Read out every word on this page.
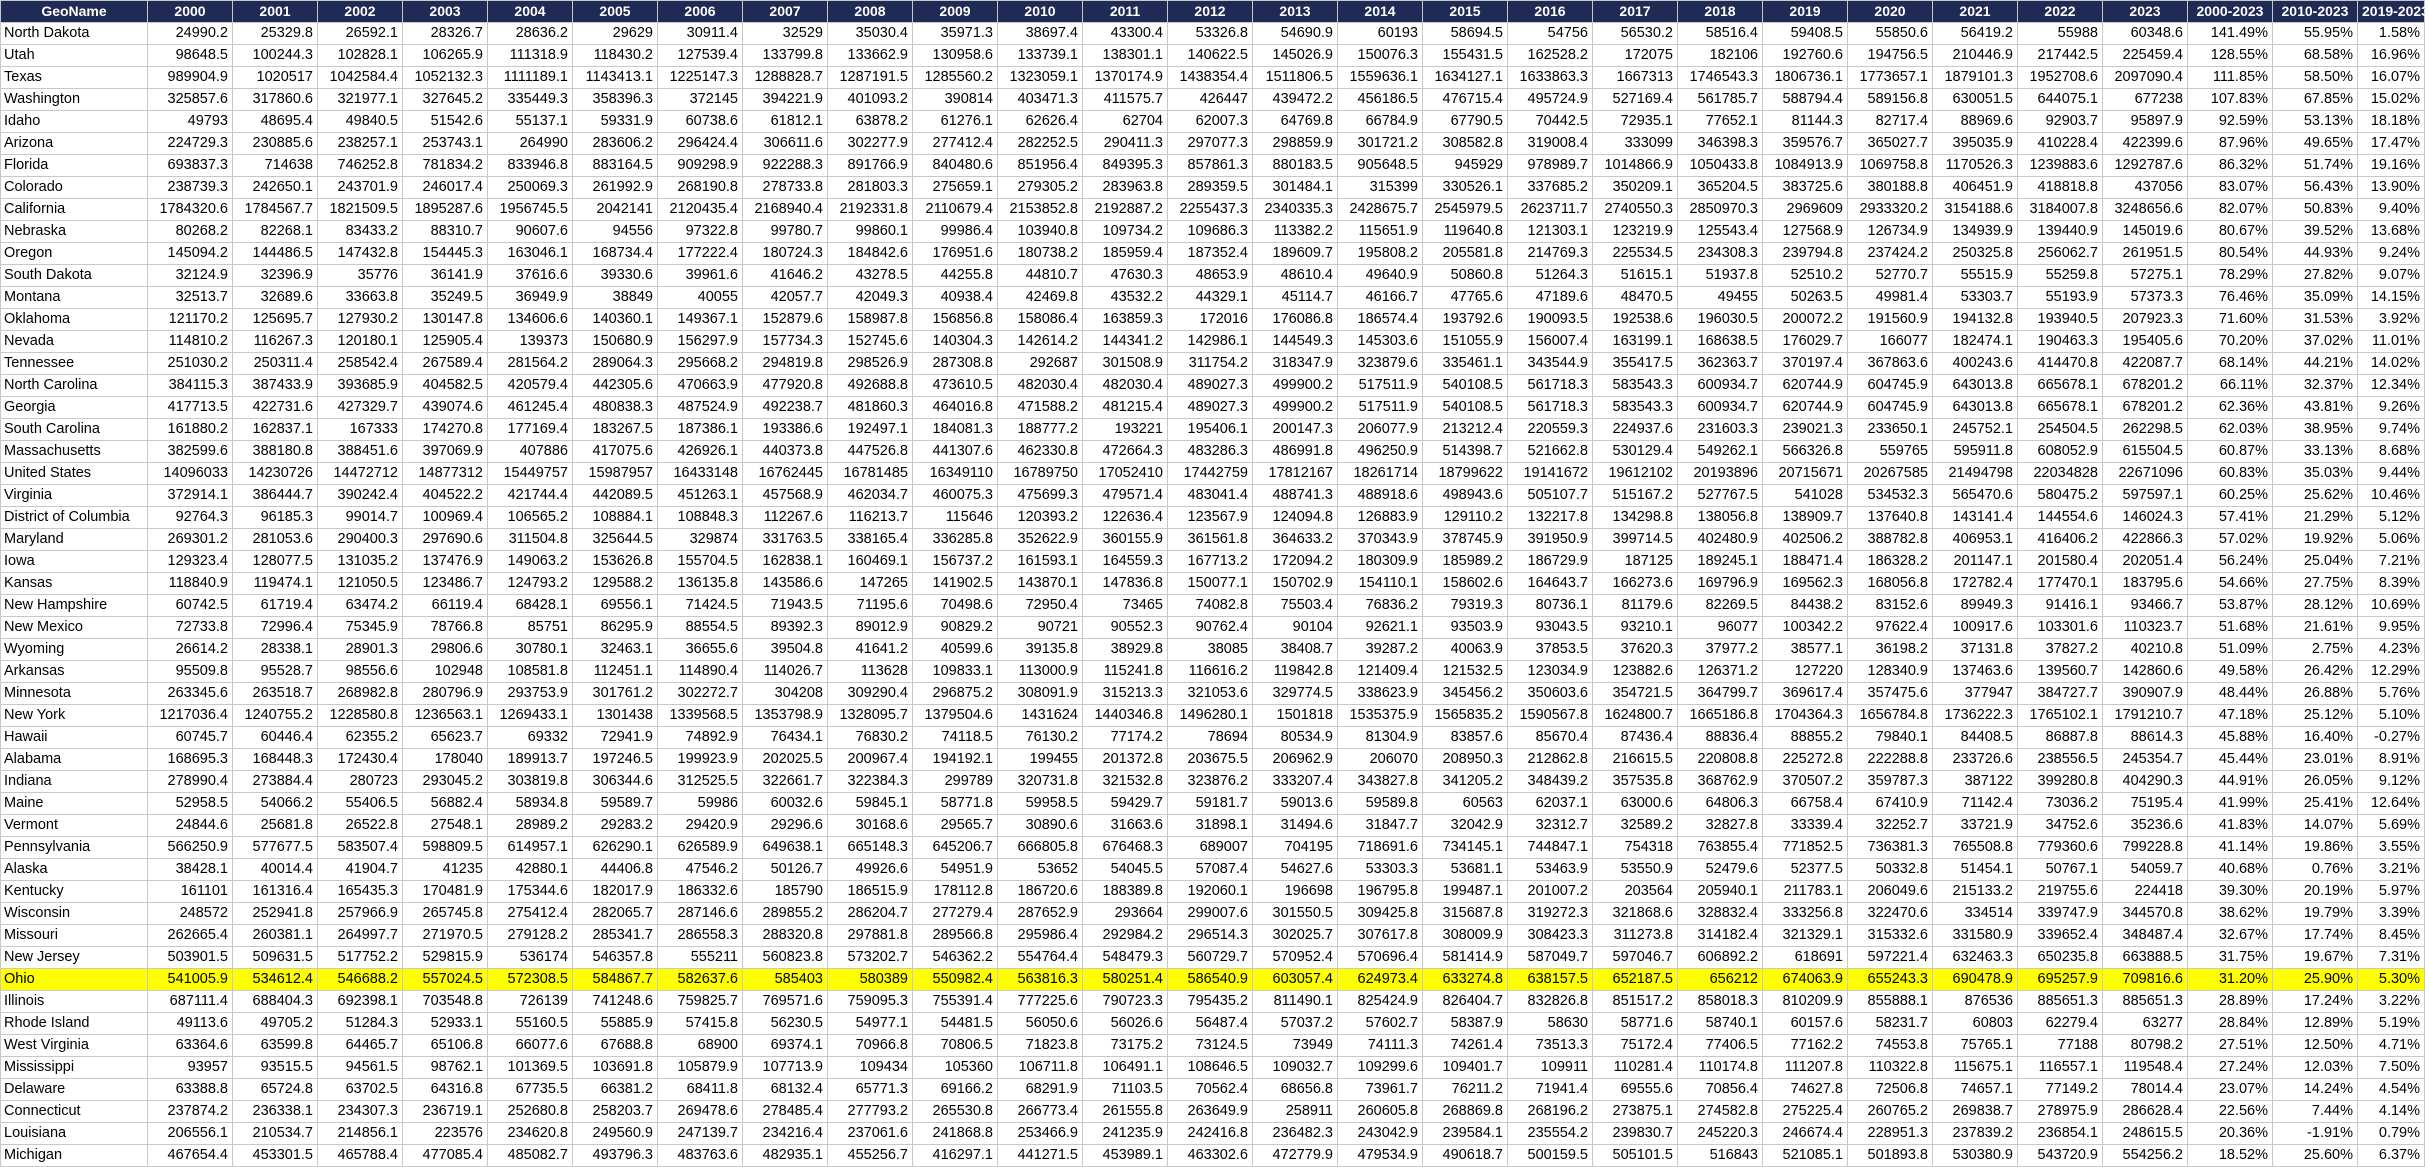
GeoName	2000	2001	2002	2003	2004	2005	2006	2007	2008	2009	2010	2011	2012	2013	2014	2015	2016	2017	2018	2019	2020	2021	2022	2023	2000-2023	2010-2023	2019-2023
North Dakota	24990.2	25329.8	26592.1	28326.7	28636.2	29629	30911.4	32529	35030.4	35971.3	38697.4	43300.4	53326.8	54690.9	60193	58694.5	54756	56530.2	58516.4	59408.5	55850.6	56419.2	55988	60348.6	141.49%	55.95%	1.58%
Utah	98648.5	100244.3	102828.1	106265.9	111318.9	118430.2	127539.4	133799.8	133662.9	130958.6	133739.1	138301.1	140622.5	145026.9	150076.3	155431.5	162528.2	172075	182106	192760.6	194756.5	210446.9	217442.5	225459.4	128.55%	68.58%	16.96%
Texas	989904.9	1020517	1042584.4	1052132.3	1111189.1	1143413.1	1225147.3	1288828.7	1287191.5	1285560.2	1323059.1	1370174.9	1438354.4	1511806.5	1559636.1	1634127.1	1633863.3	1667313	1746543.3	1806736.1	1773657.1	1879101.3	1952708.6	2097090.4	111.85%	58.50%	16.07%
Washington	325857.6	317860.6	321977.1	327645.2	335449.3	358396.3	372145	394221.9	401093.2	390814	403471.3	411575.7	426447	439472.2	456186.5	476715.4	495724.9	527169.4	561785.7	588794.4	589156.8	630051.5	644075.1	677238	107.83%	67.85%	15.02%
Idaho	49793	48695.4	49840.5	51542.6	55137.1	59331.9	60738.6	61812.1	63878.2	61276.1	62626.4	62704	62007.3	64769.8	66784.9	67790.5	70442.5	72935.1	77652.1	81144.3	82717.4	88969.6	92903.7	95897.9	92.59%	53.13%	18.18%
Arizona	224729.3	230885.6	238257.1	253743.1	264990	283606.2	296424.4	306611.6	302277.9	277412.4	282252.5	290411.3	297077.3	298859.9	301721.2	308582.8	319008.4	333099	346398.3	359576.7	365027.7	395035.9	410228.4	422399.6	87.96%	49.65%	17.47%
Florida	693837.3	714638	746252.8	781834.2	833946.8	883164.5	909298.9	922288.3	891766.9	840480.6	851956.4	849395.3	857861.3	880183.5	905648.5	945929	978989.7	1014866.9	1050433.8	1084913.9	1069758.8	1170526.3	1239883.6	1292787.6	86.32%	51.74%	19.16%
Colorado	238739.3	242650.1	243701.9	246017.4	250069.3	261992.9	268190.8	278733.8	281803.3	275659.1	279305.2	283963.8	289359.5	301484.1	315399	330526.1	337685.2	350209.1	365204.5	383725.6	380188.8	406451.9	418818.8	437056	83.07%	56.43%	13.90%
California	1784320.6	1784567.7	1821509.5	1895287.6	1956745.5	2042141	2120435.4	2168940.4	2192331.8	2110679.4	2153852.8	2192887.2	2255437.3	2340335.3	2428675.7	2545979.5	2623711.7	2740550.3	2850970.3	2969609	2933320.2	3154188.6	3184007.8	3248656.6	82.07%	50.83%	9.40%
Nebraska	80268.2	82268.1	83433.2	88310.7	90607.6	94556	97322.8	99780.7	99860.1	99986.4	103940.8	109734.2	109686.3	113382.2	115651.9	119640.8	121303.1	123219.9	125543.4	127568.9	126734.9	134939.9	139440.9	145019.6	80.67%	39.52%	13.68%
Oregon	145094.2	144486.5	147432.8	154445.3	163046.1	168734.4	177222.4	180724.3	184842.6	176951.6	180738.2	185959.4	187352.4	189609.7	195808.2	205581.8	214769.3	225534.5	234308.3	239794.8	237424.2	250325.8	256062.7	261951.5	80.54%	44.93%	9.24%
South Dakota	32124.9	32396.9	35776	36141.9	37616.6	39330.6	39961.6	41646.2	43278.5	44255.8	44810.7	47630.3	48653.9	48610.4	49640.9	50860.8	51264.3	51615.1	51937.8	52510.2	52770.7	55515.9	55259.8	57275.1	78.29%	27.82%	9.07%
Montana	32513.7	32689.6	33663.8	35249.5	36949.9	38849	40055	42057.7	42049.3	40938.4	42469.8	43532.2	44329.1	45114.7	46166.7	47765.6	47189.6	48470.5	49455	50263.5	49981.4	53303.7	55193.9	57373.3	76.46%	35.09%	14.15%
Oklahoma	121170.2	125695.7	127930.2	130147.8	134606.6	140360.1	149367.1	152879.6	158987.8	156856.8	158086.4	163859.3	172016	176086.8	186574.4	193792.6	190093.5	192538.6	196030.5	200072.2	191560.9	194132.8	193940.5	207923.3	71.60%	31.53%	3.92%
Nevada	114810.2	116267.3	120180.1	125905.4	139373	150680.9	156297.9	157734.3	152745.6	140304.3	142614.2	144341.2	142986.1	144549.3	145303.6	151055.9	156007.4	163199.1	168638.5	176029.7	166077	182474.1	190463.3	195405.6	70.20%	37.02%	11.01%
Tennessee	251030.2	250311.4	258542.4	267589.4	281564.2	289064.3	295668.2	294819.8	298526.9	287308.8	292687	301508.9	311754.2	318347.9	323879.6	335461.1	343544.9	355417.5	362363.7	370197.4	367863.6	400243.6	414470.8	422087.7	68.14%	44.21%	14.02%
North Carolina	384115.3	387433.9	393685.9	404582.5	420579.4	442305.6	470663.9	477920.8	492688.8	473610.5	482030.4	482030.4	489027.3	499900.2	517511.9	540108.5	561718.3	583543.3	600934.7	620744.9	604745.9	643013.8	665678.1	678201.2	66.11%	32.37%	12.34%
Georgia	417713.5	422731.6	427329.7	439074.6	461245.4	480838.3	487524.9	492238.7	481860.3	464016.8	471588.2	481215.4	489027.3	499900.2	517511.9	540108.5	561718.3	583543.3	600934.7	620744.9	604745.9	643013.8	665678.1	678201.2	62.36%	43.81%	9.26%
South Carolina	161880.2	162837.1	167333	174270.8	177169.4	183267.5	187386.1	193386.6	192497.1	184081.3	188777.2	193221	195406.1	200147.3	206077.9	213212.4	220559.3	224937.6	231603.3	239021.3	233650.1	245752.1	254504.5	262298.5	62.03%	38.95%	9.74%
Massachusetts	382599.6	388180.8	388451.6	397069.9	407886	417075.6	426926.1	440373.8	447526.8	441307.6	462330.8	472664.3	483286.3	486991.8	496250.9	514398.7	521662.8	530129.4	549262.1	566326.8	559765	595911.8	608052.9	615504.5	60.87%	33.13%	8.68%
United States	14096033	14230726	14472712	14877312	15449757	15987957	16433148	16762445	16781485	16349110	16789750	17052410	17442759	17812167	18261714	18799622	19141672	19612102	20193896	20715671	20267585	21494798	22034828	22671096	60.83%	35.03%	9.44%
Virginia	372914.1	386444.7	390242.4	404522.2	421744.4	442089.5	451263.1	457568.9	462034.7	460075.3	475699.3	479571.4	483041.4	488741.3	488918.6	498943.6	505107.7	515167.2	527767.5	541028	534532.3	565470.6	580475.2	597597.1	60.25%	25.62%	10.46%
District of Columbia	92764.3	96185.3	99014.7	100969.4	106565.2	108884.1	108848.3	112267.6	116213.7	115646	120393.2	122636.4	123567.9	124094.8	126883.9	129110.2	132217.8	134298.8	138056.8	138909.7	137640.8	143141.4	144554.6	146024.3	57.41%	21.29%	5.12%
Maryland	269301.2	281053.6	290400.3	297690.6	311504.8	325644.5	329874	331763.5	338165.4	336285.8	352622.9	360155.9	361561.8	364633.2	370343.9	378745.9	391950.9	399714.5	402480.9	402506.2	388782.8	406953.1	416406.2	422866.3	57.02%	19.92%	5.06%
Iowa	129323.4	128077.5	131035.2	137476.9	149063.2	153626.8	155704.5	162838.1	160469.1	156737.2	161593.1	164559.3	167713.2	172094.2	180309.9	185989.2	186729.9	187125	189245.1	188471.4	186328.2	201147.1	201580.4	202051.4	56.24%	25.04%	7.21%
Kansas	118840.9	119474.1	121050.5	123486.7	124793.2	129588.2	136135.8	143586.6	147265	141902.5	143870.1	147836.8	150077.1	150702.9	154110.1	158602.6	164643.7	166273.6	169796.9	169562.3	168056.8	172782.4	177470.1	183795.6	54.66%	27.75%	8.39%
New Hampshire	60742.5	61719.4	63474.2	66119.4	68428.1	69556.1	71424.5	71943.5	71195.6	70498.6	72950.4	73465	74082.8	75503.4	76836.2	79319.3	80736.1	81179.6	82269.5	84438.2	83152.6	89949.3	91416.1	93466.7	53.87%	28.12%	10.69%
New Mexico	72733.8	72996.4	75345.9	78766.8	85751	86295.9	88554.5	89392.3	89012.9	90829.2	90721	90552.3	90762.4	90104	92621.1	93503.9	93043.5	93210.1	96077	100342.2	97622.4	100917.6	103301.6	110323.7	51.68%	21.61%	9.95%
Wyoming	26614.2	28338.1	28901.3	29806.6	30780.1	32463.1	36655.6	39504.8	41641.2	40599.6	39135.8	38929.8	38085	38408.7	39287.2	40063.9	37853.5	37620.3	37977.2	38577.1	36198.2	37131.8	37827.2	40210.8	51.09%	2.75%	4.23%
Arkansas	95509.8	95528.7	98556.6	102948	108581.8	112451.1	114890.4	114026.7	113628	109833.1	113000.9	115241.8	116616.2	119842.8	121409.4	121532.5	123034.9	123882.6	126371.2	127220	128340.9	137463.6	139560.7	142860.6	49.58%	26.42%	12.29%
Minnesota	263345.6	263518.7	268982.8	280796.9	293753.9	301761.2	302272.7	304208	309290.4	296875.2	308091.9	315213.3	321053.6	329774.5	338623.9	345456.2	350603.6	354721.5	364799.7	369617.4	357475.6	377947	384727.7	390907.9	48.44%	26.88%	5.76%
New York	1217036.4	1240755.2	1228580.8	1236563.1	1269433.1	1301438	1339568.5	1353798.9	1328095.7	1379504.6	1431624	1440346.8	1496280.1	1501818	1535375.9	1565835.2	1590567.8	1624800.7	1665186.8	1704364.3	1656784.8	1736222.3	1765102.1	1791210.7	47.18%	25.12%	5.10%
Hawaii	60745.7	60446.4	62355.2	65623.7	69332	72941.9	74892.9	76434.1	76830.2	74118.5	76130.2	77174.2	78694	80534.9	81304.9	83857.6	85670.4	87436.4	88836.4	88855.2	79840.1	84408.5	86887.8	88614.3	45.88%	16.40%	-0.27%
Alabama	168695.3	168448.3	172430.4	178040	189913.7	197246.5	199923.9	202025.5	200967.4	194192.1	199455	201372.8	203675.5	206962.9	206070	208950.3	212862.8	216615.5	220808.8	225272.8	222288.8	233726.6	238556.5	245354.7	45.44%	23.01%	8.91%
Indiana	278990.4	273884.4	280723	293045.2	303819.8	306344.6	312525.5	322661.7	322384.3	299789	320731.8	321532.8	323876.2	333207.4	343827.8	341205.2	348439.2	357535.8	368762.9	370507.2	359787.3	387122	399280.8	404290.3	44.91%	26.05%	9.12%
Maine	52958.5	54066.2	55406.5	56882.4	58934.8	59589.7	59986	60032.6	59845.1	58771.8	59958.5	59429.7	59181.7	59013.6	59589.8	60563	62037.1	63000.6	64806.3	66758.4	67410.9	71142.4	73036.2	75195.4	41.99%	25.41%	12.64%
Vermont	24844.6	25681.8	26522.8	27548.1	28989.2	29283.2	29420.9	29296.6	30168.6	29565.7	30890.6	31663.6	31898.1	31494.6	31847.7	32042.9	32312.7	32589.2	32827.8	33339.4	32252.7	33721.9	34752.6	35236.6	41.83%	14.07%	5.69%
Pennsylvania	566250.9	577677.5	583507.4	598809.5	614957.1	626290.1	626589.9	649638.1	665148.3	645206.7	666805.8	676468.3	689007	704195	718691.6	734145.1	744847.1	754318	763855.4	771852.5	736381.3	765508.8	779360.6	799228.8	41.14%	19.86%	3.55%
Alaska	38428.1	40014.4	41904.7	41235	42880.1	44406.8	47546.2	50126.7	49926.6	54951.9	53652	54045.5	57087.4	54627.6	53303.3	53681.1	53463.9	53550.9	52479.6	52377.5	50332.8	51454.1	50767.1	54059.7	40.68%	0.76%	3.21%
Kentucky	161101	161316.4	165435.3	170481.9	175344.6	182017.9	186332.6	185790	186515.9	178112.8	186720.6	188389.8	192060.1	196698	196795.8	199487.1	201007.2	203564	205940.1	211783.1	206049.6	215133.2	219755.6	224418	39.30%	20.19%	5.97%
Wisconsin	248572	252941.8	257966.9	265745.8	275412.4	282065.7	287146.6	289855.2	286204.7	277279.4	287652.9	293664	299007.6	301550.5	309425.8	315687.8	319272.3	321868.6	328832.4	333256.8	322470.6	334514	339747.9	344570.8	38.62%	19.79%	3.39%
Missouri	262665.4	260381.1	264997.7	271970.5	279128.2	285341.7	286558.3	288320.8	297881.8	289566.8	295986.4	292984.2	296514.3	302025.7	307617.8	308009.9	308423.3	311273.8	314182.4	321329.1	315332.6	331580.9	339652.4	348487.4	32.67%	17.74%	8.45%
New Jersey	503901.5	509631.5	517752.2	529815.9	536174	546357.8	555211	560823.8	573202.7	546362.2	554764.4	548479.3	560729.7	570952.4	570696.4	581414.9	587049.7	597046.7	606892.2	618691	597221.4	632463.3	650235.8	663888.5	31.75%	19.67%	7.31%
Ohio	541005.9	534612.4	546688.2	557024.5	572308.5	584867.7	582637.6	585403	580389	550982.4	563816.3	580251.4	586540.9	603057.4	624973.4	633274.8	638157.5	652187.5	656212	674063.9	655243.3	690478.9	695257.9	709816.6	31.20%	25.90%	5.30%
Illinois	687111.4	688404.3	692398.1	703548.8	726139	741248.6	759825.7	769571.6	759095.3	755391.4	777225.6	790723.3	795435.2	811490.1	825424.9	826404.7	832826.8	851517.2	858018.3	810209.9	855888.1	876536	885651.3	885651.3	28.89%	17.24%	3.22%
Rhode Island	49113.6	49705.2	51284.3	52933.1	55160.5	55885.9	57415.8	56230.5	54977.1	54481.5	56050.6	56026.6	56487.4	57037.2	57602.7	58387.9	58630	58771.6	58740.1	60157.6	58231.7	60803	62279.4	63277	28.84%	12.89%	5.19%
West Virginia	63364.6	63599.8	64465.7	65106.8	66077.6	67688.8	68900	69374.1	70966.8	70806.5	71823.8	73175.2	73124.5	73949	74111.3	74261.4	73513.3	75172.4	77406.5	77162.2	74553.8	75765.1	77188	80798.2	27.51%	12.50%	4.71%
Mississippi	93957	93515.5	94561.5	98762.1	101369.5	103691.8	105879.9	107713.9	109434	105360	106711.8	106491.1	108646.5	109032.7	109299.6	109401.7	109911	110281.4	110174.8	111207.8	110322.8	115675.1	116557.1	119548.4	27.24%	12.03%	7.50%
Delaware	63388.8	65724.8	63702.5	64316.8	67735.5	66381.2	68411.8	68132.4	65771.3	69166.2	68291.9	71103.5	70562.4	68656.8	73961.7	76211.2	71941.4	69555.6	70856.4	74627.8	72506.8	74657.1	77149.2	78014.4	23.07%	14.24%	4.54%
Connecticut	237874.2	236338.1	234307.3	236719.1	252680.8	258203.7	269478.6	278485.4	277793.2	265530.8	266773.4	261555.8	263649.9	258911	260605.8	268869.8	268196.2	273875.1	274582.8	275225.4	260765.2	269838.7	278975.9	286628.4	22.56%	7.44%	4.14%
Louisiana	206556.1	210534.7	214856.1	223576	234620.8	249560.9	247139.7	234216.4	237061.6	241868.8	253466.9	241235.9	242416.8	236482.3	243042.9	239584.1	235554.2	239830.7	245220.3	246674.4	228951.3	237839.2	236854.1	248615.5	20.36%	-1.91%	0.79%
Michigan	467654.4	453301.5	465788.4	477085.4	485082.7	493796.3	483763.6	482935.1	455256.7	416297.1	441271.5	453989.1	463302.6	472779.9	479534.9	490618.7	500159.5	505101.5	516843	521085.1	501893.8	530380.9	543720.9	554256.2	18.52%	25.60%	6.37%
